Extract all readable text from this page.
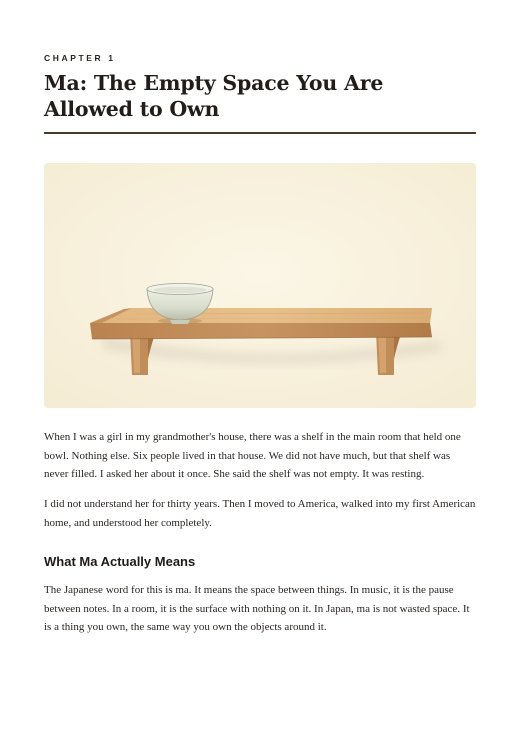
CHAPTER 1
Ma: The Empty Space You Are Allowed to Own

When I was a girl in my grandmother's house, there was a shelf in the main room that held one bowl. Nothing else. Six people lived in that house. We did not have much, but that shelf was never filled. I asked her about it once. She said the shelf was not empty. It was resting.

I did not understand her for thirty years. Then I moved to America, walked into my first American home, and understood her completely.

What Ma Actually Means

The Japanese word for this is ma. It means the space between things. In music, it is the pause between notes. In a room, it is the surface with nothing on it. In Japan, ma is not wasted space. It is a thing you own, the same way you own the objects around it.
